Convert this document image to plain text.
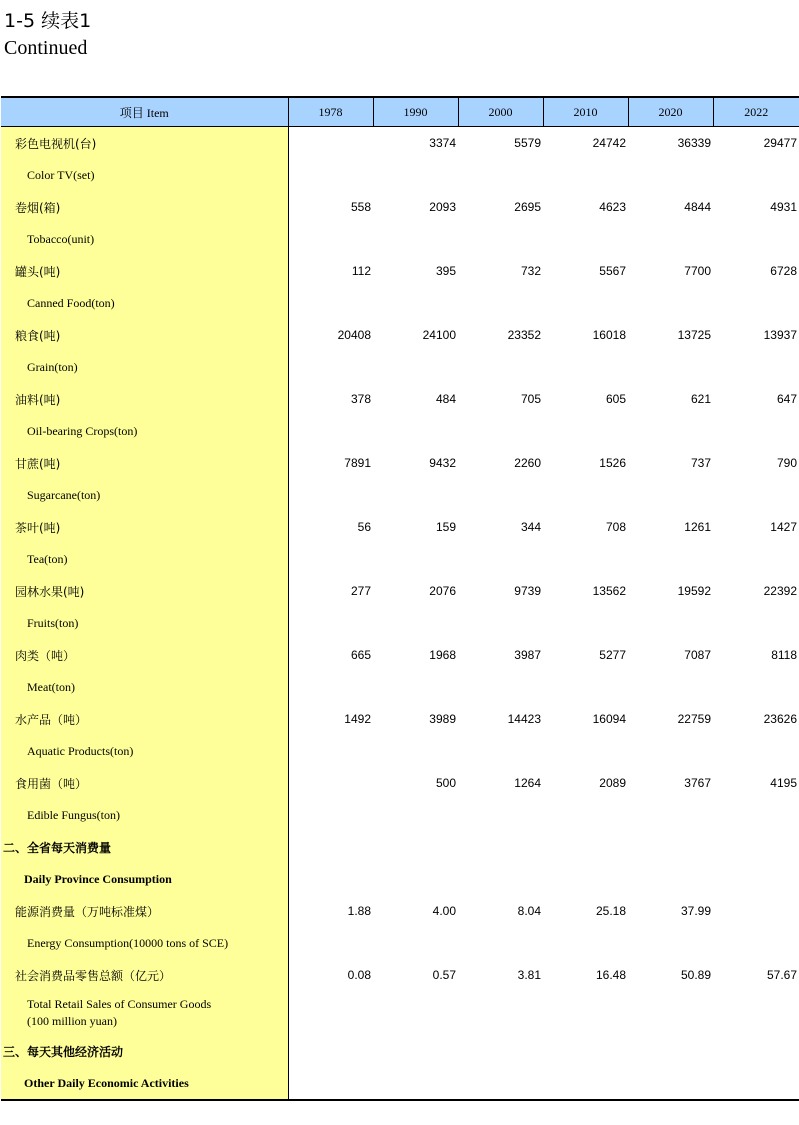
1-5 续表1
Continued
项目 Item	1978	1990	2000	2010	2020	2022
彩色电视机(台)		3374	5579	24742	36339	29477
Color TV(set)						
卷烟(箱)	558	2093	2695	4623	4844	4931
Tobacco(unit)						
罐头(吨)	112	395	732	5567	7700	6728
Canned Food(ton)						
粮食(吨)	20408	24100	23352	16018	13725	13937
Grain(ton)						
油料(吨)	378	484	705	605	621	647
Oil-bearing Crops(ton)						
甘蔗(吨)	7891	9432	2260	1526	737	790
Sugarcane(ton)						
茶叶(吨)	56	159	344	708	1261	1427
Tea(ton)						
园林水果(吨)	277	2076	9739	13562	19592	22392
Fruits(ton)						
肉类（吨）	665	1968	3987	5277	7087	8118
Meat(ton)						
水产品（吨）	1492	3989	14423	16094	22759	23626
Aquatic Products(ton)						
食用菌（吨）		500	1264	2089	3767	4195
Edible Fungus(ton)						
二、全省每天消费量						
Daily Province Consumption						
能源消费量（万吨标准煤）	1.88	4.00	8.04	25.18	37.99	
Energy Consumption(10000 tons of SCE)						
社会消费品零售总额（亿元）	0.08	0.57	3.81	16.48	50.89	57.67

Total Retail Sales of Consumer Goods
(100 million yuan)						

三、每天其他经济活动						
Other Daily Economic Activities						
